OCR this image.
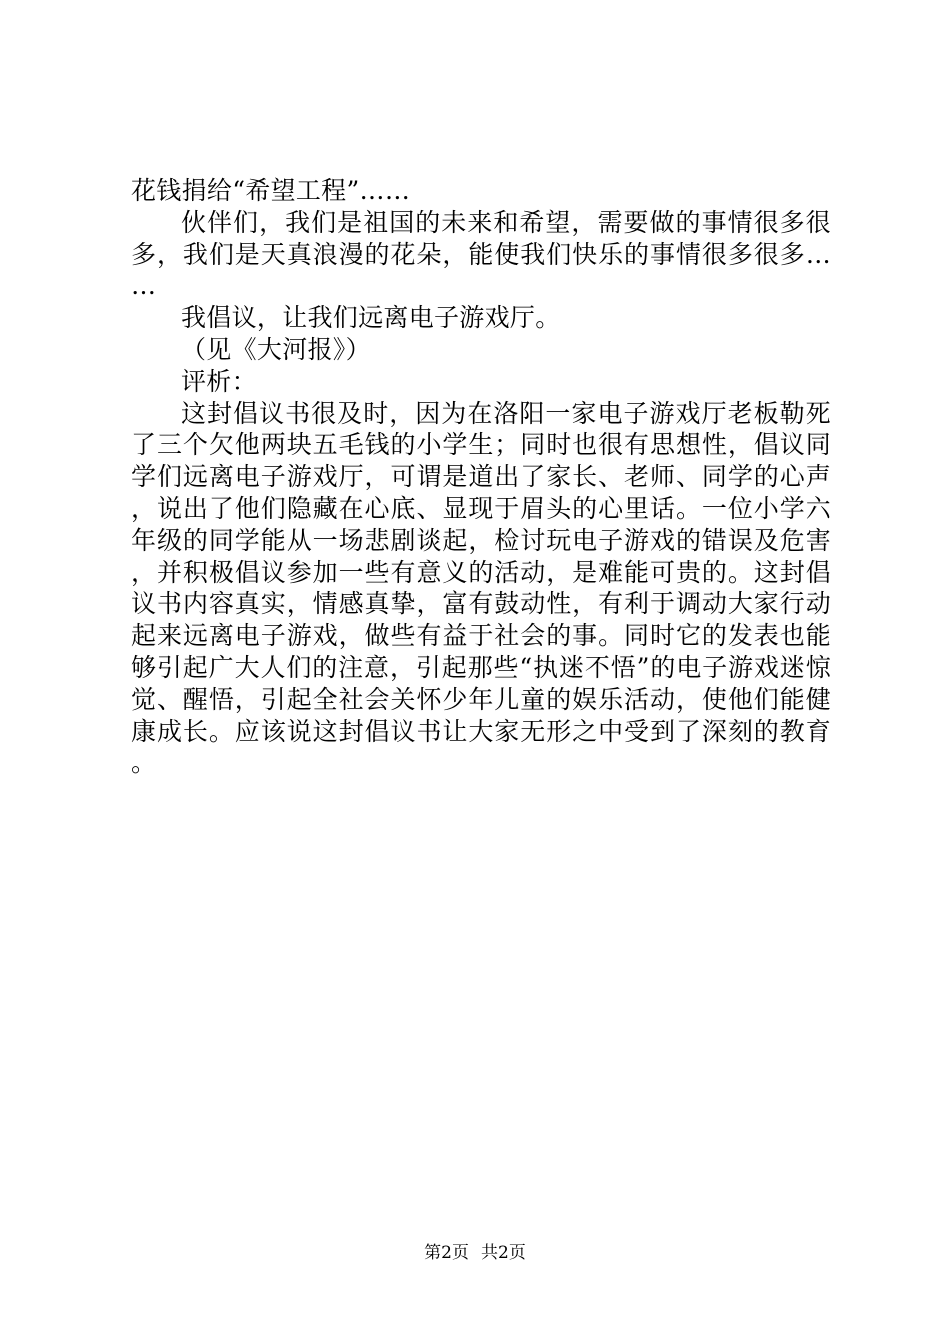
花钱捐给“希望工程”……

伙伴们，我们是祖国的未来和希望，需要做的事情很多很多，我们是天真浪漫的花朵，能使我们快乐的事情很多很多……

我倡议，让我们远离电子游戏厅。

（见《大河报》）

评析：

这封倡议书很及时，因为在洛阳一家电子游戏厅老板勒死了三个欠他两块五毛钱的小学生；同时也很有思想性，倡议同学们远离电子游戏厅，可谓是道出了家长、老师、同学的心声，说出了他们隐藏在心底、显现于眉头的心里话。一位小学六年级的同学能从一场悲剧谈起，检讨玩电子游戏的错误及危害，并积极倡议参加一些有意义的活动，是难能可贵的。这封倡议书内容真实，情感真挚，富有鼓动性，有利于调动大家行动起来远离电子游戏，做些有益于社会的事。同时它的发表也能够引起广大人们的注意，引起那些“执迷不悟”的电子游戏迷惊觉、醒悟，引起全社会关怀少年儿童的娱乐活动，使他们能健康成长。应该说这封倡议书让大家无形之中受到了深刻的教育。

第2页 共2页
